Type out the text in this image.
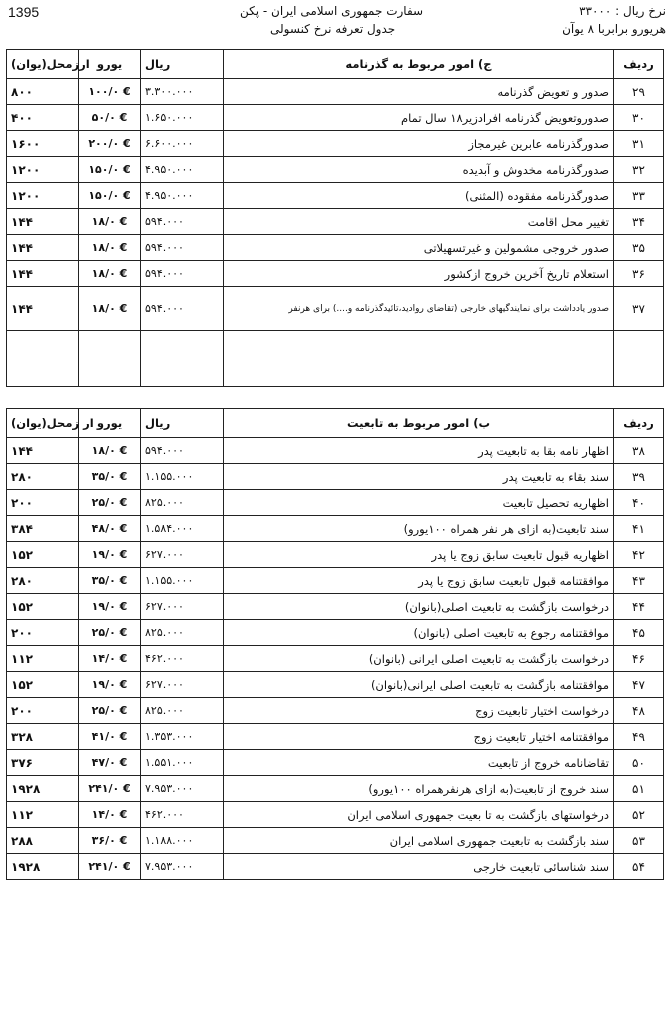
1395	سفارت جمهوری اسلامی ایران - پکن
جدول تعرفه نرخ کنسولی
نرخ ریال : ۳۳۰۰۰
هریورو برابربا ۸ یوآن
ارزمحل(یوان)	یورو	ریال	ج) امور مربوط به گذرنامه	ردیف
۸۰۰	۱۰۰/۰ €	۳.۳۰۰.۰۰۰	صدور و تعویض گذرنامه	۲۹
۴۰۰	۵۰/۰ €	۱.۶۵۰.۰۰۰	صدوروتعویض گذرنامه افرادزیر۱۸ سال تمام	۳۰
۱۶۰۰	۲۰۰/۰ €	۶.۶۰۰.۰۰۰	صدورگذرنامه عابرین غیرمجاز	۳۱
۱۲۰۰	۱۵۰/۰ €	۴.۹۵۰.۰۰۰	صدورگذرنامه مخدوش و آبدیده	۳۲
۱۲۰۰	۱۵۰/۰ €	۴.۹۵۰.۰۰۰	صدورگذرنامه مفقوده (المثنی)	۳۳
۱۴۴	۱۸/۰ €	۵۹۴.۰۰۰	تغییر محل اقامت	۳۴
۱۴۴	۱۸/۰ €	۵۹۴.۰۰۰	صدور خروجی مشمولین و غیرتسهیلاتی	۳۵
۱۴۴	۱۸/۰ €	۵۹۴.۰۰۰	استعلام تاریخ آخرین خروج ازکشور	۳۶
۱۴۴	۱۸/۰ €	۵۹۴.۰۰۰	صدور یادداشت برای نمایندگیهای خارجی (تقاضای روادید،تائیدگذرنامه و....) برای هرنفر	۳۷

ار زمحل(یوان)	یورو	ریال	ب) امور مربوط به تابعیت	ردیف
۱۴۴	۱۸/۰ €	۵۹۴.۰۰۰	اظهار نامه بقا به تابعیت پدر	۳۸
۲۸۰	۳۵/۰ €	۱.۱۵۵.۰۰۰	سند بقاء به تابعیت پدر	۳۹
۲۰۰	۲۵/۰ €	۸۲۵.۰۰۰	اظهاریه تحصیل تابعیت	۴۰
۳۸۴	۴۸/۰ €	۱.۵۸۴.۰۰۰	سند تابعیت(به ازای هر نفر همراه ۱۰۰یورو)	۴۱
۱۵۲	۱۹/۰ €	۶۲۷.۰۰۰	اظهاریه قبول تابعیت سابق زوج یا پدر	۴۲
۲۸۰	۳۵/۰ €	۱.۱۵۵.۰۰۰	موافقتنامه قبول تابعیت سابق زوج یا پدر	۴۳
۱۵۲	۱۹/۰ €	۶۲۷.۰۰۰	درخواست بازگشت به تابعیت اصلی(بانوان)	۴۴
۲۰۰	۲۵/۰ €	۸۲۵.۰۰۰	موافقتنامه رجوع به تابعیت اصلی (بانوان)	۴۵
۱۱۲	۱۴/۰ €	۴۶۲.۰۰۰	درخواست بازگشت به تابعیت اصلی ایرانی (بانوان)	۴۶
۱۵۲	۱۹/۰ €	۶۲۷.۰۰۰	موافقتنامه بازگشت به تابعیت اصلی ایرانی(بانوان)	۴۷
۲۰۰	۲۵/۰ €	۸۲۵.۰۰۰	درخواست اختیار تابعیت زوج	۴۸
۳۲۸	۴۱/۰ €	۱.۳۵۳.۰۰۰	موافقتنامه اختیار تابعیت زوج	۴۹
۳۷۶	۴۷/۰ €	۱.۵۵۱.۰۰۰	تقاضانامه خروج از تابعیت	۵۰
۱۹۲۸	۲۴۱/۰ €	۷.۹۵۳.۰۰۰	سند خروج از تابعیت(به ازای هرنفرهمراه ۱۰۰یورو)	۵۱
۱۱۲	۱۴/۰ €	۴۶۲.۰۰۰	درخواستهای بازگشت به تا بعیت جمهوری اسلامی ایران	۵۲
۲۸۸	۳۶/۰ €	۱.۱۸۸.۰۰۰	سند بازگشت به تابعیت جمهوری اسلامی ایران	۵۳
۱۹۲۸	۲۴۱/۰ €	۷.۹۵۳.۰۰۰	سند شناسائی تابعیت خارجی	۵۴
